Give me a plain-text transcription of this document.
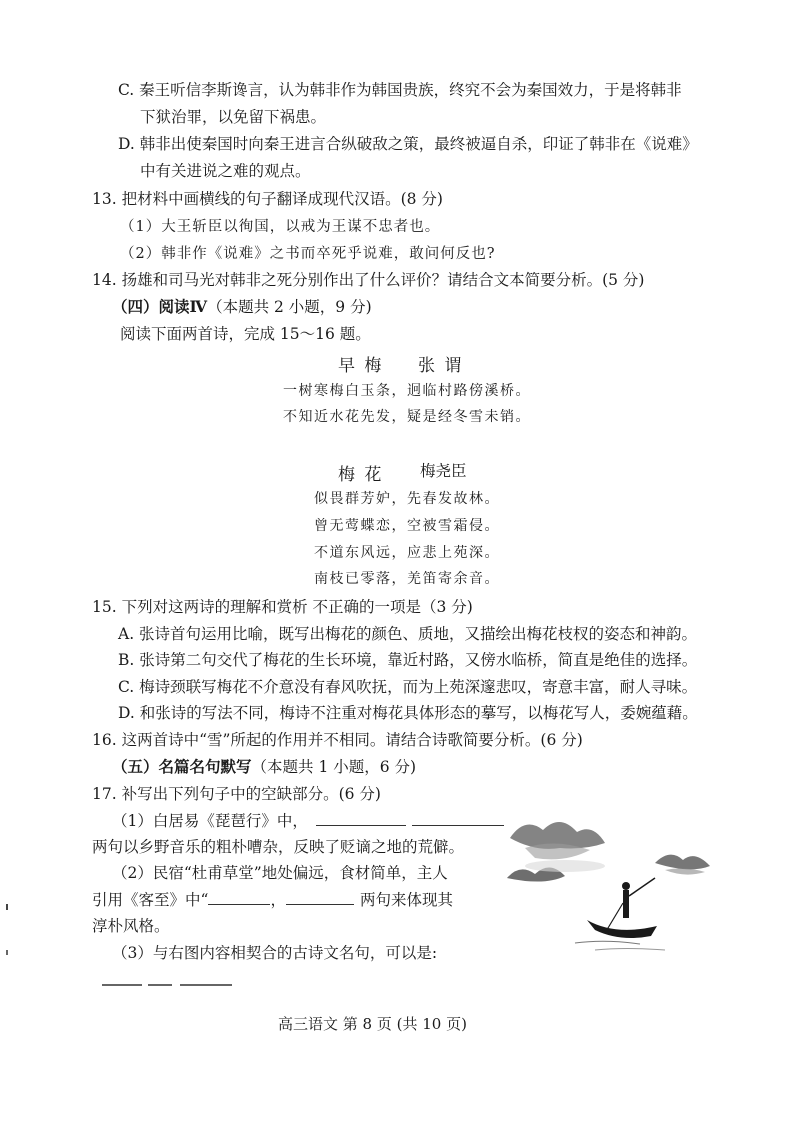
C. 秦王听信李斯谗言，认为韩非作为韩国贵族，终究不会为秦国效力，于是将韩非
下狱治罪，以免留下祸患。
D. 韩非出使秦国时向秦王进言合纵破敌之策，最终被逼自杀，印证了韩非在《说难》
中有关进说之难的观点。
13. 把材料中画横线的句子翻译成现代汉语。(8 分)
（1）大王斩臣以徇国，以戒为王谋不忠者也。
（2）韩非作《说难》之书而卒死乎说难，敢问何反也?
14. 扬雄和司马光对韩非之死分别作出了什么评价？请结合文本简要分析。(5 分)
（四）阅读Ⅳ（本题共 2 小题，9 分)
阅读下面两首诗，完成 15～16 题。
早 梅 张 谓
一树寒梅白玉条，迥临村路傍溪桥。
不知近水花先发，疑是经冬雪未销。
梅 花 梅尧臣
似畏群芳妒，先春发故林。
曾无莺蝶恋，空被雪霜侵。
不道东风远，应悲上苑深。
南枝已零落，羌笛寄余音。
15. 下列对这两诗的理解和赏析 不正确的一项是（3 分)
A. 张诗首句运用比喻，既写出梅花的颜色、质地，又描绘出梅花枝杈的姿态和神韵。
B. 张诗第二句交代了梅花的生长环境，靠近村路，又傍水临桥，简直是绝佳的选择。
C. 梅诗颈联写梅花不介意没有春风吹抚，而为上苑深邃悲叹，寄意丰富，耐人寻味。
D. 和张诗的写法不同，梅诗不注重对梅花具体形态的摹写，以梅花写人，委婉蕴藉。
16. 这两首诗中“雪”所起的作用并不相同。请结合诗歌简要分析。(6 分)
（五）名篇名句默写（本题共 1 小题，6 分)
17. 补写出下列句子中的空缺部分。(6 分)
（1）白居易《琵琶行》中，
两句以乡野音乐的粗朴嘈杂，反映了贬谪之地的荒僻。
（2）民宿“杜甫草堂”地处偏远，食材简单，主人
引用《客至》中“	，	两句来体现其
淳朴风格。
（3）与右图内容相契合的古诗文名句，可以是:
高三语文 第 8 页 (共 10 页)
